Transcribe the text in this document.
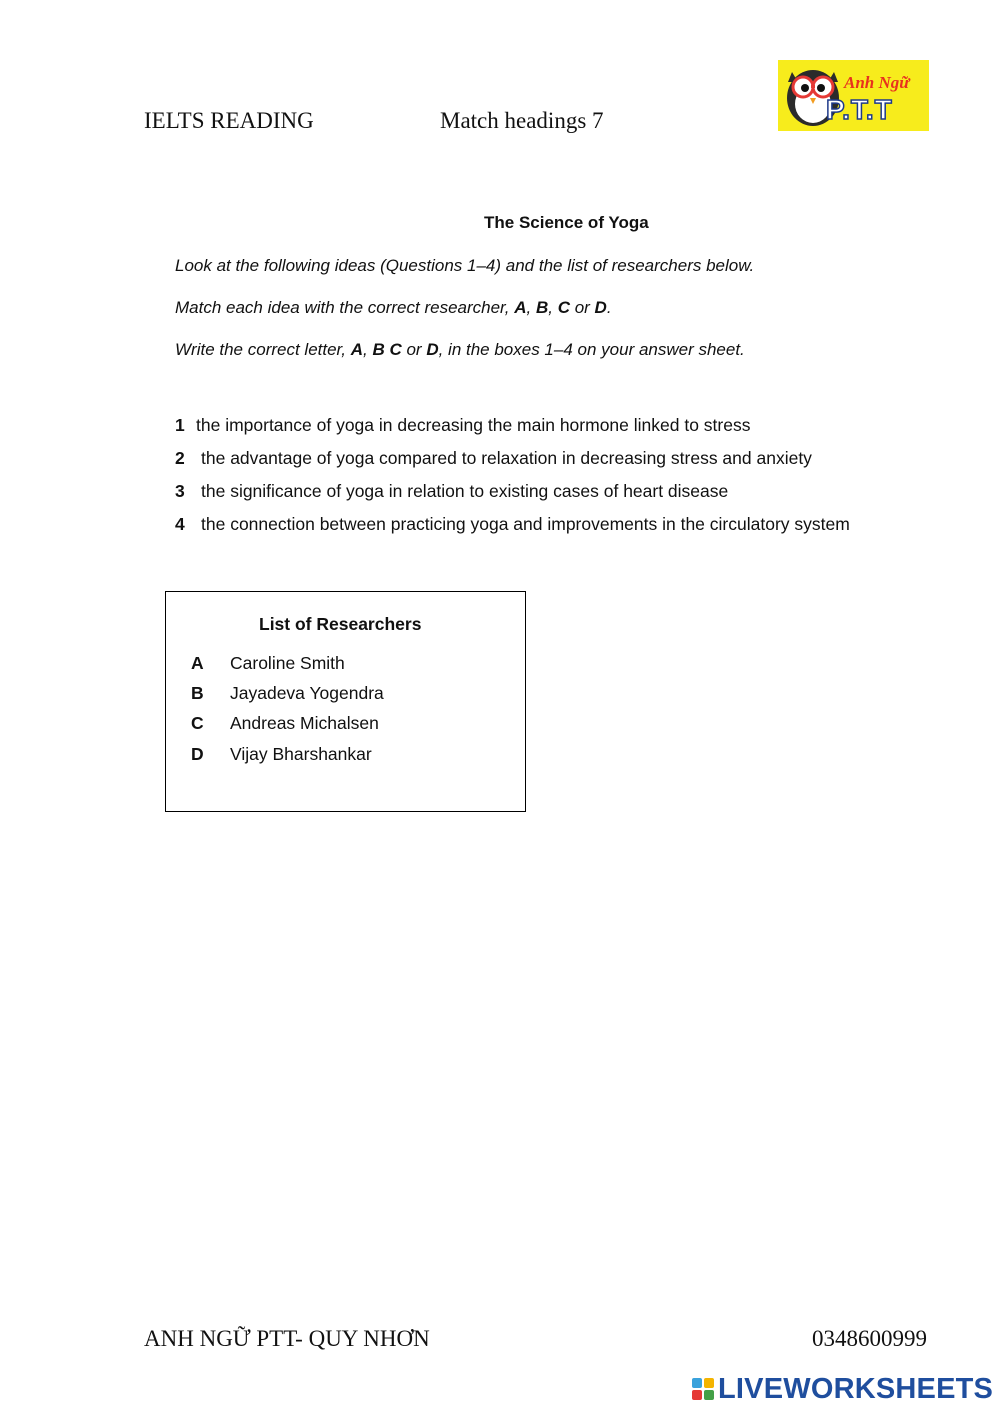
IELTS READING	Match headings 7
Anh Ngữ
P.T.T
The Science of Yoga
Look at the following ideas (Questions 1–4) and the list of researchers below.
Match each idea with the correct researcher, A, B, C or D.
Write the correct letter, A, B C or D, in the boxes 1–4 on your answer sheet.
1 the importance of yoga in decreasing the main hormone linked to stress
2 the advantage of yoga compared to relaxation in decreasing stress and anxiety
3 the significance of yoga in relation to existing cases of heart disease
4 the connection between practicing yoga and improvements in the circulatory system
List of Researchers
A Caroline Smith
B Jayadeva Yogendra
C Andreas Michalsen
D Vijay Bharshankar
ANH NGỮ PTT- QUY NHƠN	0348600999
LIVEWORKSHEETS
